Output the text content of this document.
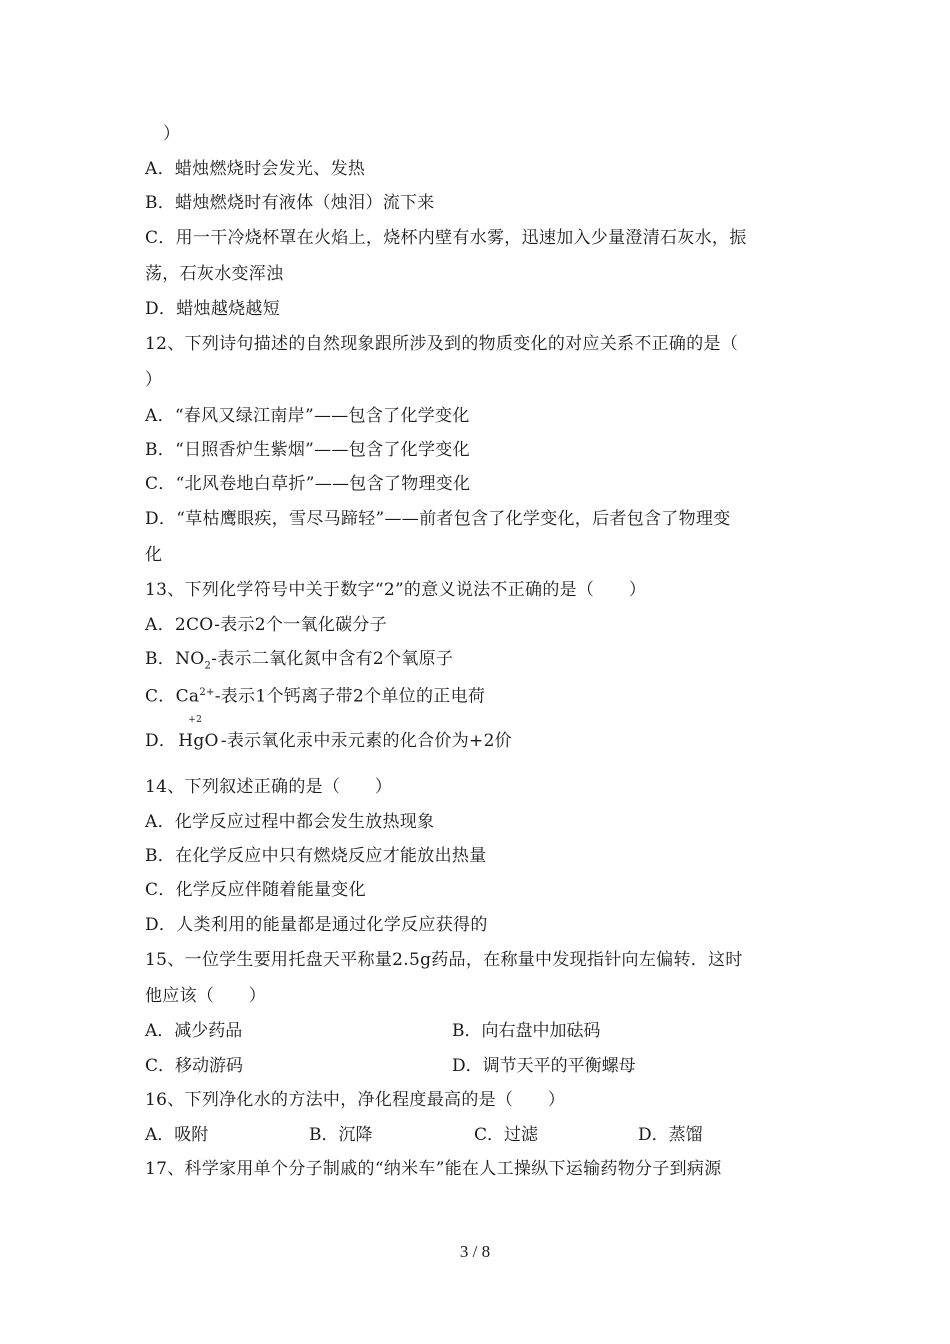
）
A．蜡烛燃烧时会发光、发热
B．蜡烛燃烧时有液体（烛泪）流下来
C．用一干冷烧杯罩在火焰上，烧杯内壁有水雾，迅速加入少量澄清石灰水，振
荡，石灰水变浑浊
D．蜡烛越烧越短
12、下列诗句描述的自然现象跟所涉及到的物质变化的对应关系不正确的是（
）
A．“春风又绿江南岸”——包含了化学变化
B．“日照香炉生紫烟”——包含了化学变化
C．“北风卷地白草折”——包含了物理变化
D．“草枯鹰眼疾，雪尽马蹄轻”——前者包含了化学变化，后者包含了物理变
化
13、下列化学符号中关于数字“2”的意义说法不正确的是（　　）
A．2CO-表示2个一氧化碳分子
B．$NO_2-$表示二氧化氮中含有2个氧原子
C．$Ca^{2+}-$表示1个钙离子带2个单位的正电荷
D．
+2
HgO -表示氧化汞中汞元素的化合价为+2价
14、下列叙述正确的是（　　）
A．化学反应过程中都会发生放热现象
B．在化学反应中只有燃烧反应才能放出热量
C．化学反应伴随着能量变化
D．人类利用的能量都是通过化学反应获得的
15、一位学生要用托盘天平称量2.5g药品，在称量中发现指针向左偏转．这时
他应该（　　）
A．减少药品	B．向右盘中加砝码
C．移动游码	D．调节天平的平衡螺母
16、下列净化水的方法中，净化程度最高的是（　　）
A．吸附	B．沉降	C．过滤	D．蒸馏
17、科学家用单个分子制戚的“纳米车”能在人工操纵下运输药物分子到病源
3 / 8
